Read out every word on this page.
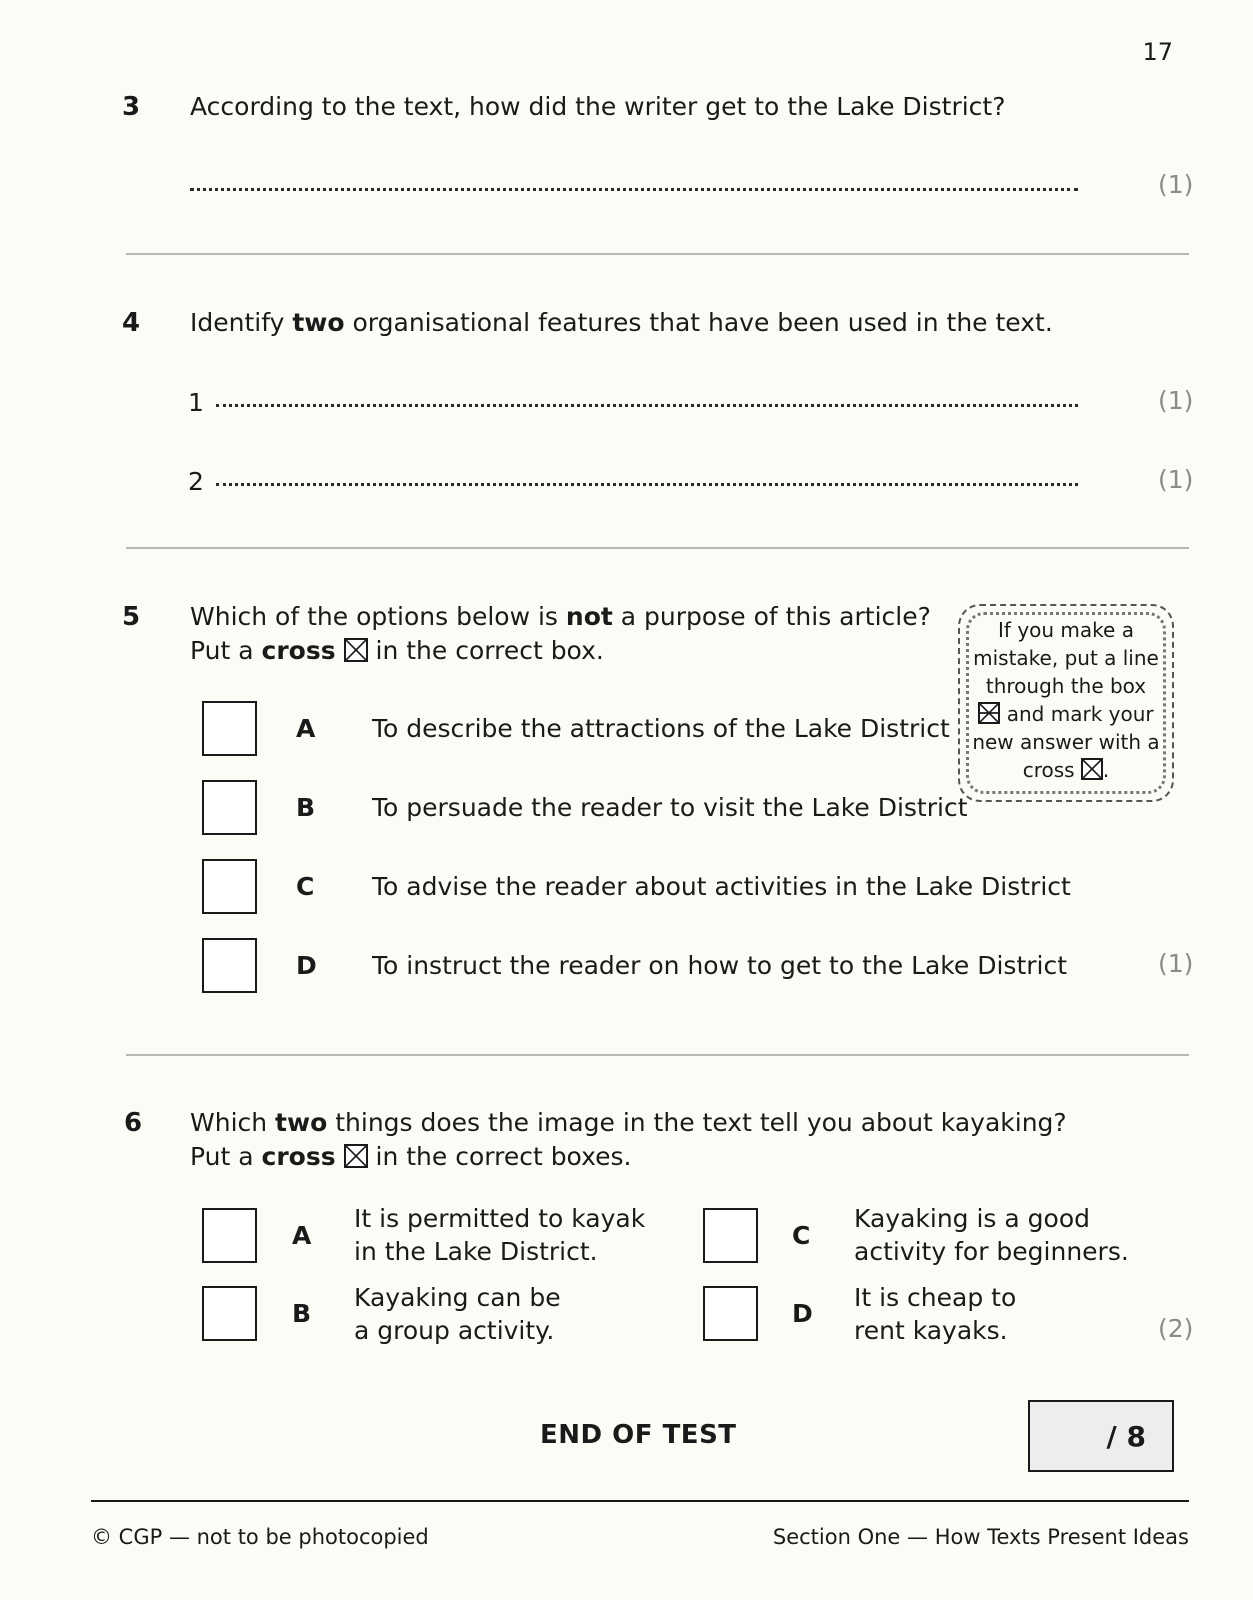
17
3 According to the text, how did the writer get to the Lake District?
(1)
4 Identify two organisational features that have been used in the text.
1	(1)
2	(1)
5 Which of the options below is not a purpose of this article?
Put a cross ☒ in the correct box.
If you make a
mistake, put a line
through the box
and mark your
new answer with a
cross ☒.
A To describe the attractions of the Lake District
B To persuade the reader to visit the Lake District
C To advise the reader about activities in the Lake District
D To instruct the reader on how to get to the Lake District	(1)
6 Which two things does the image in the text tell you about kayaking?
Put a cross ☒ in the correct boxes.
A
It is permitted to kayak
in the Lake District.
B
Kayaking can be
a group activity.
C
Kayaking is a good
activity for beginners.
D
It is cheap to
rent kayaks.	(2)
END OF TEST	/ 8
© CGP — not to be photocopied	Section One — How Texts Present Ideas
